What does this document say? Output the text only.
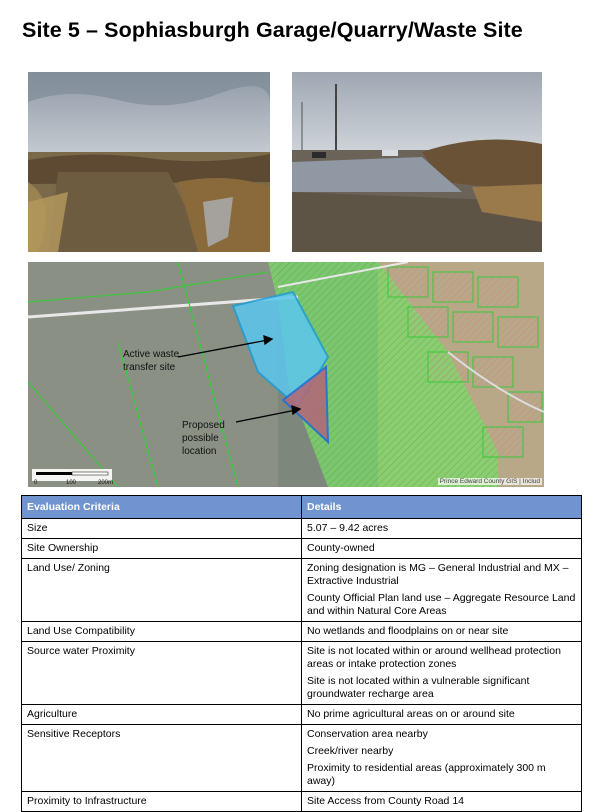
Site 5 – Sophiasburgh Garage/Quarry/Waste Site
Active waste transfer site
Proposed possible location
0	100	200m	Prince Edward County GIS | Includ
Evaluation Criteria	Details
Size	5.07 – 9.42 acres

Site Ownership	County-owned

Land Use/ Zoning	Zoning designation is MG – General Industrial and MX – Extractive Industrial

County Official Plan land use – Aggregate Resource Land and within Natural Core Areas

Land Use Compatibility	No wetlands and floodplains on or near site

Source water Proximity	Site is not located within or around wellhead protection areas or intake protection zones

Site is not located within a vulnerable significant groundwater recharge area

Agriculture	No prime agricultural areas on or around site

Sensitive Receptors	Conservation area nearby

Creek/river nearby

Proximity to residential areas (approximately 300 m away)

Proximity to Infrastructure	Site Access from County Road 14
